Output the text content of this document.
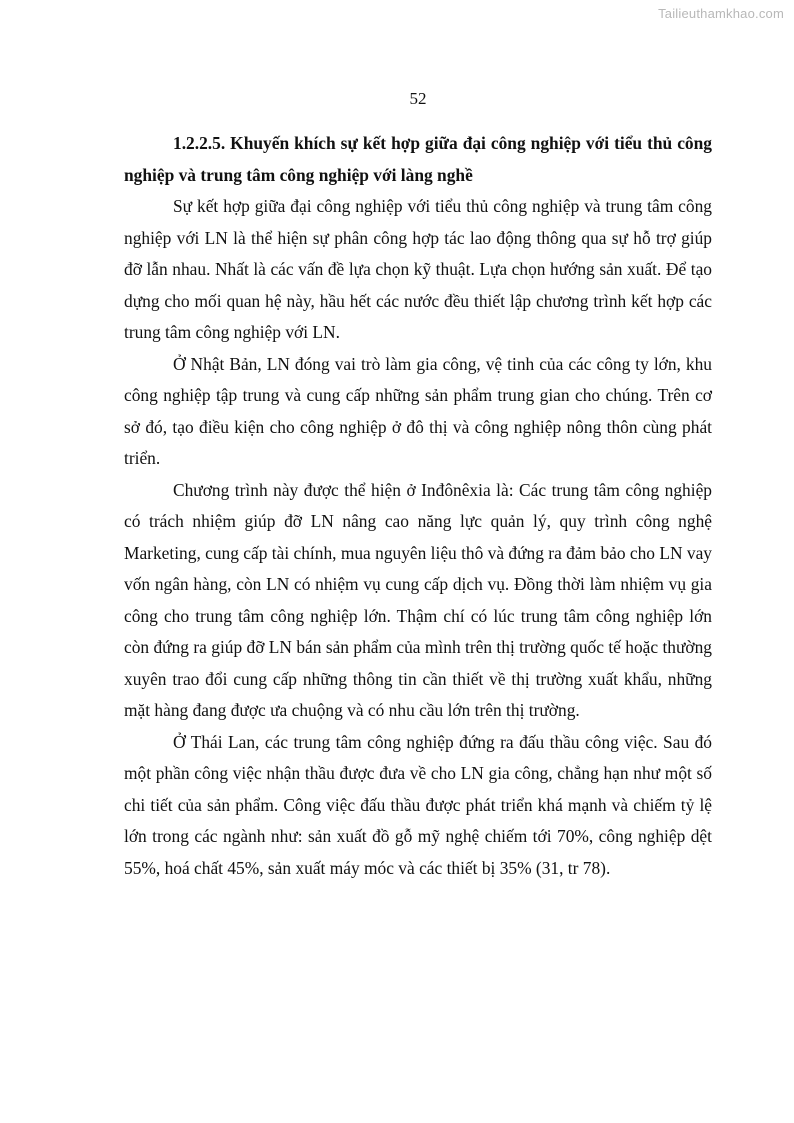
Tailieuthamkhao.com
52

1.2.2.5. Khuyến khích sự kết hợp giữa đại công nghiệp với tiểu thủ công nghiệp và trung tâm công nghiệp với làng nghề

Sự kết hợp giữa đại công nghiệp với tiểu thủ công nghiệp và trung tâm công nghiệp với LN là thể hiện sự phân công hợp tác lao động thông qua sự hỗ trợ giúp đỡ lẫn nhau. Nhất là các vấn đề lựa chọn kỹ thuật. Lựa chọn hướng sản xuất. Để tạo dựng cho mối quan hệ này, hầu hết các nước đều thiết lập chương trình kết hợp các trung tâm công nghiệp với LN.

Ở Nhật Bản, LN đóng vai trò làm gia công, vệ tinh của các công ty lớn, khu công nghiệp tập trung và cung cấp những sản phẩm trung gian cho chúng. Trên cơ sở đó, tạo điều kiện cho công nghiệp ở đô thị và công nghiệp nông thôn cùng phát triển.

Chương trình này được thể hiện ở Inđônêxia là: Các trung tâm công nghiệp có trách nhiệm giúp đỡ LN nâng cao năng lực quản lý, quy trình công nghệ Marketing, cung cấp tài chính, mua nguyên liệu thô và đứng ra đảm bảo cho LN vay vốn ngân hàng, còn LN có nhiệm vụ cung cấp dịch vụ. Đồng thời làm nhiệm vụ gia công cho trung tâm công nghiệp lớn. Thậm chí có lúc trung tâm công nghiệp lớn còn đứng ra giúp đỡ LN bán sản phẩm của mình trên thị trường quốc tế hoặc thường xuyên trao đổi cung cấp những thông tin cần thiết về thị trường xuất khẩu, những mặt hàng đang được ưa chuộng và có nhu cầu lớn trên thị trường.

Ở Thái Lan, các trung tâm công nghiệp đứng ra đấu thầu công việc. Sau đó một phần công việc nhận thầu được đưa về cho LN gia công, chẳng hạn như một số chi tiết của sản phẩm. Công việc đấu thầu được phát triển khá mạnh và chiếm tỷ lệ lớn trong các ngành như: sản xuất đồ gỗ mỹ nghệ chiếm tới 70%, công nghiệp dệt 55%, hoá chất 45%, sản xuất máy móc và các thiết bị 35% (31, tr 78).
